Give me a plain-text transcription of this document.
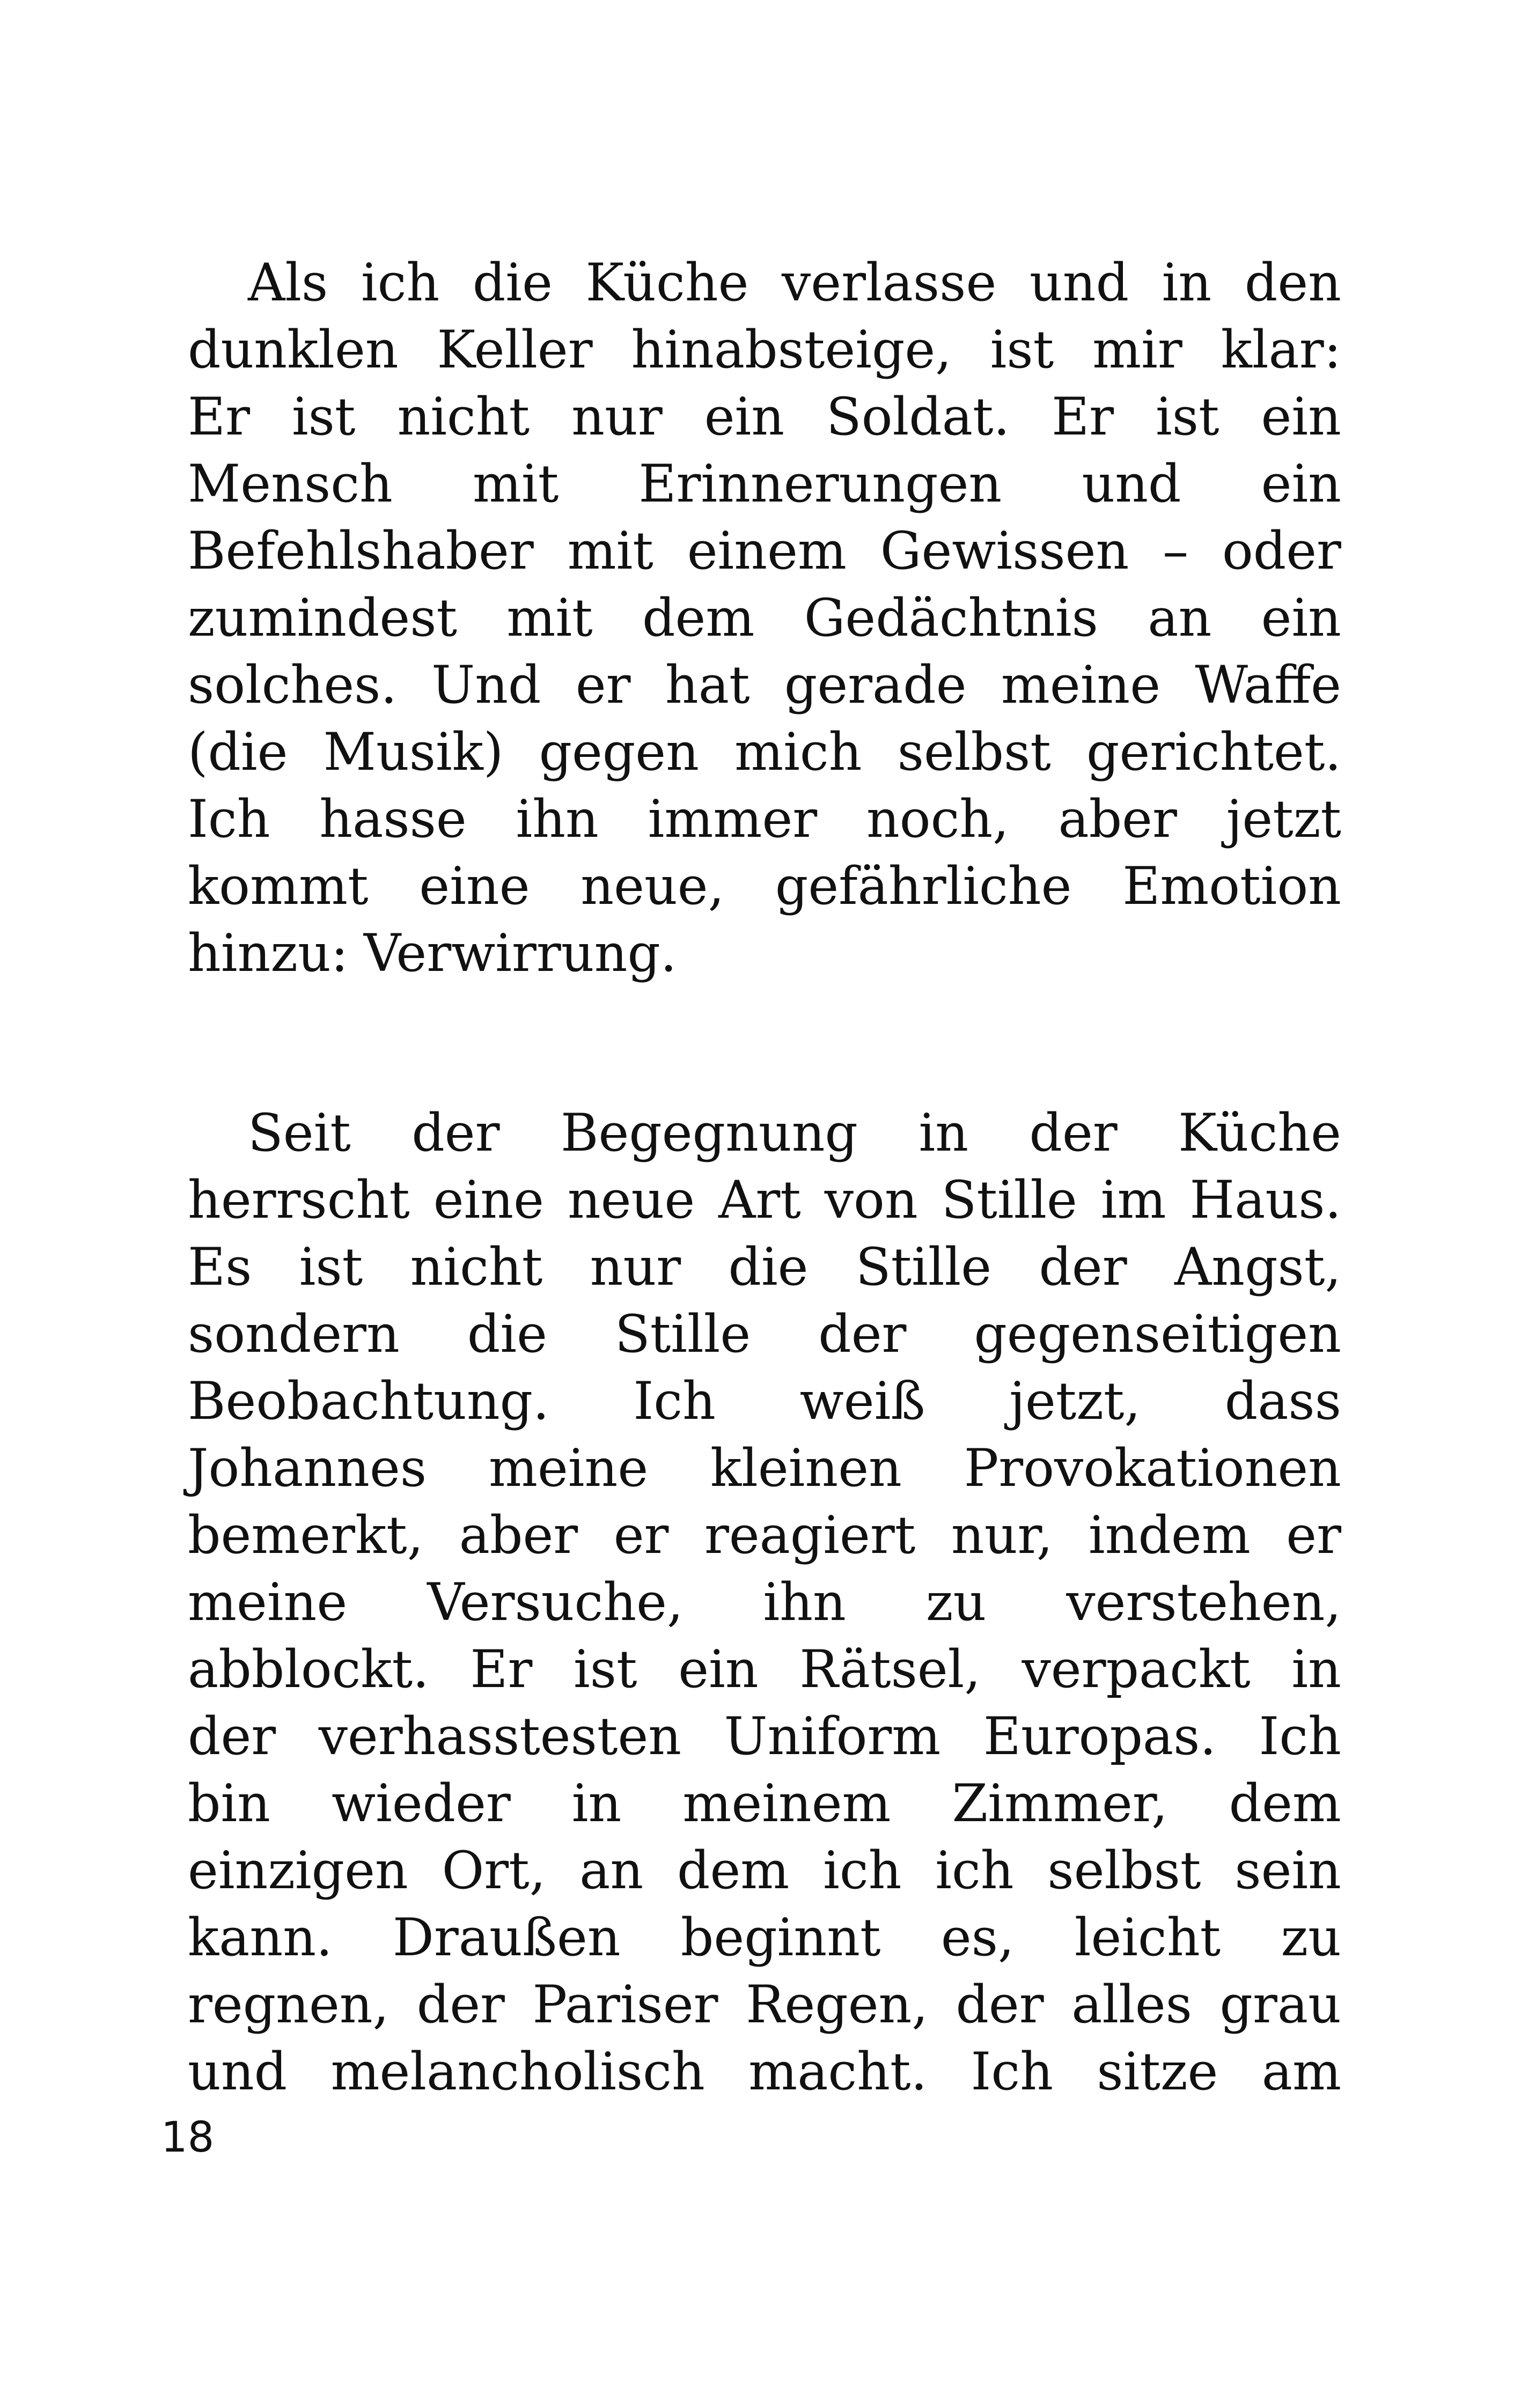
Als ich die Küche verlasse und in den
dunklen Keller hinabsteige, ist mir klar:
Er ist nicht nur ein Soldat. Er ist ein
Mensch mit Erinnerungen und ein
Befehlshaber mit einem Gewissen – oder
zumindest mit dem Gedächtnis an ein
solches. Und er hat gerade meine Waffe
(die Musik) gegen mich selbst gerichtet.
Ich hasse ihn immer noch, aber jetzt
kommt eine neue, gefährliche Emotion
hinzu: Verwirrung.
Seit der Begegnung in der Küche
herrscht eine neue Art von Stille im Haus.
Es ist nicht nur die Stille der Angst,
sondern die Stille der gegenseitigen
Beobachtung. Ich weiß jetzt, dass
Johannes meine kleinen Provokationen
bemerkt, aber er reagiert nur, indem er
meine Versuche, ihn zu verstehen,
abblockt. Er ist ein Rätsel, verpackt in
der verhasstesten Uniform Europas. Ich
bin wieder in meinem Zimmer, dem
einzigen Ort, an dem ich ich selbst sein
kann. Draußen beginnt es, leicht zu
regnen, der Pariser Regen, der alles grau
und melancholisch macht. Ich sitze am
18
